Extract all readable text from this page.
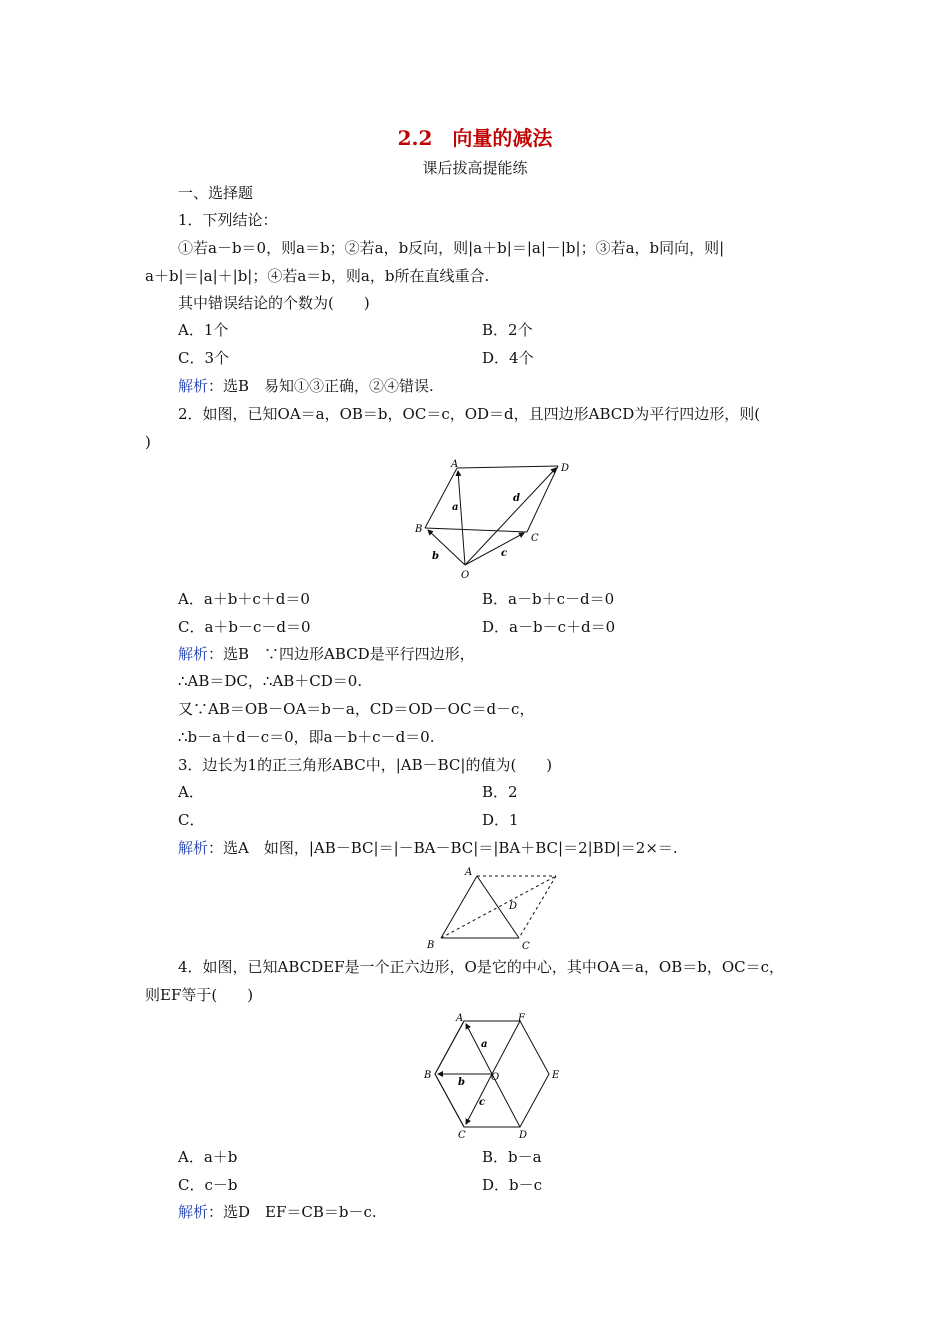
2.2　向量的减法
课后拔高提能练
一、选择题
1．下列结论：
①若a－b＝0，则a＝b；②若a，b反向，则|a＋b|＝|a|－|b|；③若a，b同向，则|
a＋b|＝|a|＋|b|；④若a＝b，则a，b所在直线重合.
其中错误结论的个数为(　　)
A．1个	B．2个
C．3个	D．4个
解析：选B　易知①③正确，②④错误.
2．如图，已知OA＝a，OB＝b，OC＝c，OD＝d，且四边形ABCD为平行四边形，则(
)
A	D
B
C
O
a
b	c
d
A．a＋b＋c＋d＝0	B．a－b＋c－d＝0
C．a＋b－c－d＝0	D．a－b－c＋d＝0
解析：选B　∵四边形ABCD是平行四边形，
∴AB＝DC，∴AB＋CD＝0.
又∵AB＝OB－OA＝b－a，CD＝OD－OC＝d－c，
∴b－a＋d－c＝0，即a－b＋c－d＝0.
3．边长为1的正三角形ABC中，|AB－BC|的值为(　　)
A．	B．2
C．	D．1
解析：选A　如图，|AB－BC|＝|－BA－BC|＝|BA＋BC|＝2|BD|＝2×＝.
A
B	C
D
4．如图，已知ABCDEF是一个正六边形，O是它的中心，其中OA＝a，OB＝b，OC＝c，
则EF等于(　　)
A	F
E
D
C
B	O
a
b
c
A．a＋b	B．b－a
C．c－b	D．b－c
解析：选D　EF＝CB＝b－c.
